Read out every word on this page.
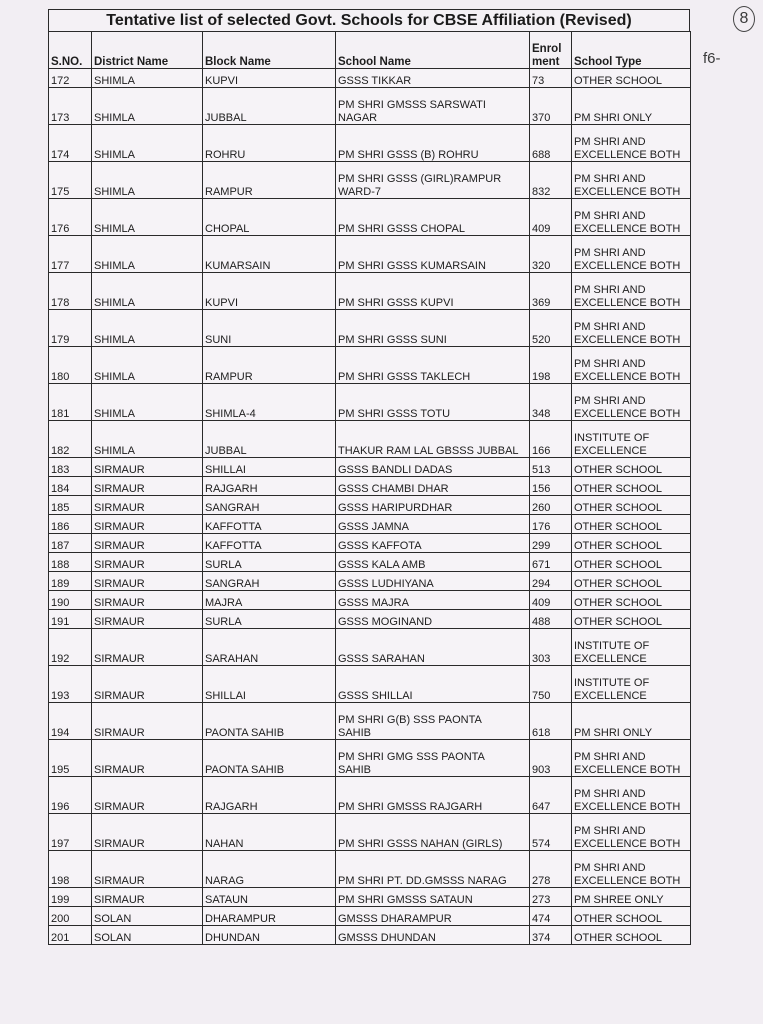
Tentative list of selected Govt. Schools for CBSE Affiliation (Revised)	8
f6-
S.NO.	District Name	Block Name	School Name	Enrol
ment	School Type
172	SHIMLA	KUPVI	GSSS TIKKAR	73	OTHER SCHOOL
173	SHIMLA	JUBBAL	PM SHRI GMSSS SARSWATI
NAGAR	370	PM SHRI ONLY
174	SHIMLA	ROHRU	PM SHRI GSSS (B) ROHRU	688	PM SHRI AND
EXCELLENCE BOTH
175	SHIMLA	RAMPUR	PM SHRI GSSS (GIRL)RAMPUR
WARD-7	832	PM SHRI AND
EXCELLENCE BOTH
176	SHIMLA	CHOPAL	PM SHRI GSSS CHOPAL	409	PM SHRI AND
EXCELLENCE BOTH
177	SHIMLA	KUMARSAIN	PM SHRI GSSS KUMARSAIN	320	PM SHRI AND
EXCELLENCE BOTH
178	SHIMLA	KUPVI	PM SHRI GSSS KUPVI	369	PM SHRI AND
EXCELLENCE BOTH
179	SHIMLA	SUNI	PM SHRI GSSS SUNI	520	PM SHRI AND
EXCELLENCE BOTH
180	SHIMLA	RAMPUR	PM SHRI GSSS TAKLECH	198	PM SHRI AND
EXCELLENCE BOTH
181	SHIMLA	SHIMLA-4	PM SHRI GSSS TOTU	348	PM SHRI AND
EXCELLENCE BOTH
182	SHIMLA	JUBBAL	THAKUR RAM LAL GBSSS JUBBAL	166	INSTITUTE OF
EXCELLENCE
183	SIRMAUR	SHILLAI	GSSS BANDLI DADAS	513	OTHER SCHOOL
184	SIRMAUR	RAJGARH	GSSS CHAMBI DHAR	156	OTHER SCHOOL
185	SIRMAUR	SANGRAH	GSSS HARIPURDHAR	260	OTHER SCHOOL
186	SIRMAUR	KAFFOTTA	GSSS JAMNA	176	OTHER SCHOOL
187	SIRMAUR	KAFFOTTA	GSSS KAFFOTA	299	OTHER SCHOOL
188	SIRMAUR	SURLA	GSSS KALA AMB	671	OTHER SCHOOL
189	SIRMAUR	SANGRAH	GSSS LUDHIYANA	294	OTHER SCHOOL
190	SIRMAUR	MAJRA	GSSS MAJRA	409	OTHER SCHOOL
191	SIRMAUR	SURLA	GSSS MOGINAND	488	OTHER SCHOOL
192	SIRMAUR	SARAHAN	GSSS SARAHAN	303	INSTITUTE OF
EXCELLENCE
193	SIRMAUR	SHILLAI	GSSS SHILLAI	750	INSTITUTE OF
EXCELLENCE
194	SIRMAUR	PAONTA SAHIB	PM SHRI G(B) SSS PAONTA
SAHIB	618	PM SHRI ONLY
195	SIRMAUR	PAONTA SAHIB	PM SHRI GMG SSS PAONTA
SAHIB	903	PM SHRI AND
EXCELLENCE BOTH
196	SIRMAUR	RAJGARH	PM SHRI GMSSS RAJGARH	647	PM SHRI AND
EXCELLENCE BOTH
197	SIRMAUR	NAHAN	PM SHRI GSSS NAHAN (GIRLS)	574	PM SHRI AND
EXCELLENCE BOTH
198	SIRMAUR	NARAG	PM SHRI PT. DD.GMSSS NARAG	278	PM SHRI AND
EXCELLENCE BOTH
199	SIRMAUR	SATAUN	PM SHRI GMSSS SATAUN	273	PM SHREE ONLY
200	SOLAN	DHARAMPUR	GMSSS DHARAMPUR	474	OTHER SCHOOL
201	SOLAN	DHUNDAN	GMSSS DHUNDAN	374	OTHER SCHOOL
